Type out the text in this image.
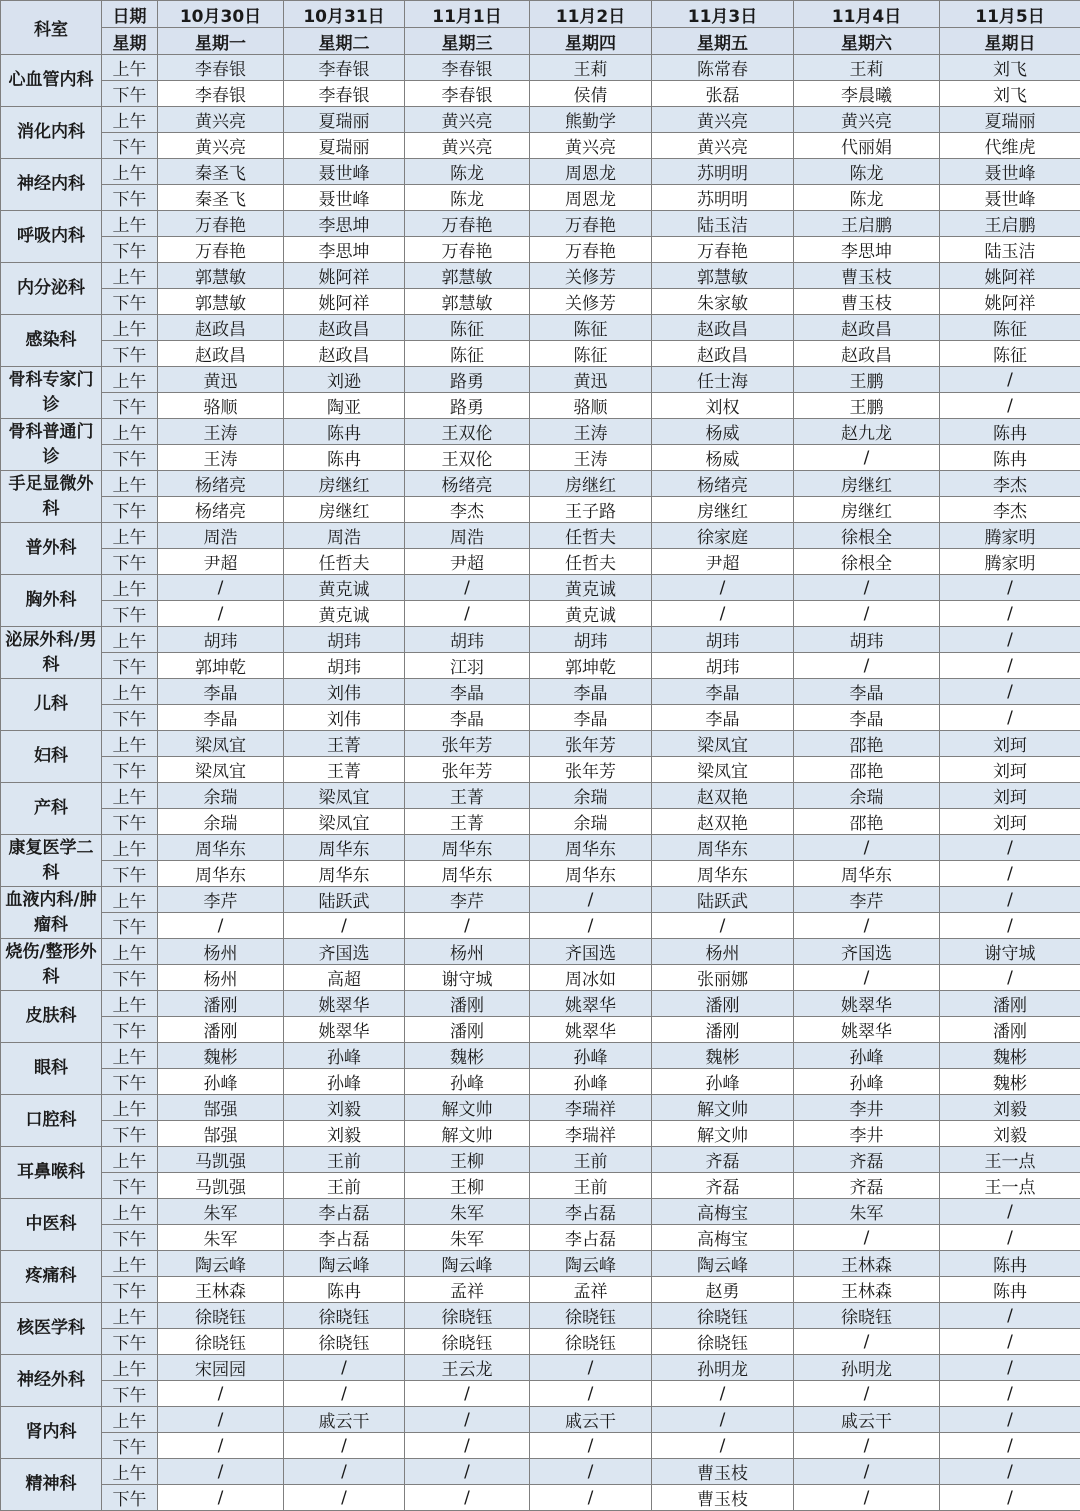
科室	日期	10月30日	10月31日	11月1日	11月2日	11月3日	11月4日	11月5日
	星期	星期一	星期二	星期三	星期四	星期五	星期六	星期日
心血管内科	上午	李春银	李春银	李春银	王莉	陈常春	王莉	刘飞
	下午	李春银	李春银	李春银	侯倩	张磊	李晨曦	刘飞
消化内科	上午	黄兴亮	夏瑞丽	黄兴亮	熊勤学	黄兴亮	黄兴亮	夏瑞丽
	下午	黄兴亮	夏瑞丽	黄兴亮	黄兴亮	黄兴亮	代丽娟	代维虎
神经内科	上午	秦圣飞	聂世峰	陈龙	周恩龙	苏明明	陈龙	聂世峰
	下午	秦圣飞	聂世峰	陈龙	周恩龙	苏明明	陈龙	聂世峰
呼吸内科	上午	万春艳	李思坤	万春艳	万春艳	陆玉洁	王启鹏	王启鹏
	下午	万春艳	李思坤	万春艳	万春艳	万春艳	李思坤	陆玉洁
内分泌科	上午	郭慧敏	姚阿祥	郭慧敏	关修芳	郭慧敏	曹玉枝	姚阿祥
	下午	郭慧敏	姚阿祥	郭慧敏	关修芳	朱家敏	曹玉枝	姚阿祥
感染科	上午	赵政昌	赵政昌	陈征	陈征	赵政昌	赵政昌	陈征
	下午	赵政昌	赵政昌	陈征	陈征	赵政昌	赵政昌	陈征
骨科专家门诊	上午	黄迅	刘逊	路勇	黄迅	任士海	王鹏	/
	下午	骆顺	陶亚	路勇	骆顺	刘权	王鹏	/
骨科普通门诊	上午	王涛	陈冉	王双伦	王涛	杨威	赵九龙	陈冉
	下午	王涛	陈冉	王双伦	王涛	杨威	/	陈冉
手足显微外科	上午	杨绪亮	房继红	杨绪亮	房继红	杨绪亮	房继红	李杰
	下午	杨绪亮	房继红	李杰	王子路	房继红	房继红	李杰
普外科	上午	周浩	周浩	周浩	任哲夫	徐家庭	徐根全	腾家明
	下午	尹超	任哲夫	尹超	任哲夫	尹超	徐根全	腾家明
胸外科	上午	/	黄克诚	/	黄克诚	/	/	/
	下午	/	黄克诚	/	黄克诚	/	/	/
泌尿外科/男科	上午	胡玮	胡玮	胡玮	胡玮	胡玮	胡玮	/
	下午	郭坤乾	胡玮	江羽	郭坤乾	胡玮	/	/
儿科	上午	李晶	刘伟	李晶	李晶	李晶	李晶	/
	下午	李晶	刘伟	李晶	李晶	李晶	李晶	/
妇科	上午	梁凤宜	王菁	张年芳	张年芳	梁凤宜	邵艳	刘珂
	下午	梁凤宜	王菁	张年芳	张年芳	梁凤宜	邵艳	刘珂
产科	上午	余瑞	梁凤宜	王菁	余瑞	赵双艳	余瑞	刘珂
	下午	余瑞	梁凤宜	王菁	余瑞	赵双艳	邵艳	刘珂
康复医学二科	上午	周华东	周华东	周华东	周华东	周华东	/	/
	下午	周华东	周华东	周华东	周华东	周华东	周华东	/
血液内科/肿瘤科	上午	李芹	陆跃武	李芹	/	陆跃武	李芹	/
	下午	/	/	/	/	/	/	/
烧伤/整形外科	上午	杨州	齐国选	杨州	齐国选	杨州	齐国选	谢守城
	下午	杨州	高超	谢守城	周冰如	张丽娜	/	/
皮肤科	上午	潘刚	姚翠华	潘刚	姚翠华	潘刚	姚翠华	潘刚
	下午	潘刚	姚翠华	潘刚	姚翠华	潘刚	姚翠华	潘刚
眼科	上午	魏彬	孙峰	魏彬	孙峰	魏彬	孙峰	魏彬
	下午	孙峰	孙峰	孙峰	孙峰	孙峰	孙峰	魏彬
口腔科	上午	郜强	刘毅	解文帅	李瑞祥	解文帅	李井	刘毅
	下午	郜强	刘毅	解文帅	李瑞祥	解文帅	李井	刘毅
耳鼻喉科	上午	马凯强	王前	王柳	王前	齐磊	齐磊	王一点
	下午	马凯强	王前	王柳	王前	齐磊	齐磊	王一点
中医科	上午	朱军	李占磊	朱军	李占磊	高梅宝	朱军	/
	下午	朱军	李占磊	朱军	李占磊	高梅宝	/	/
疼痛科	上午	陶云峰	陶云峰	陶云峰	陶云峰	陶云峰	王林森	陈冉
	下午	王林森	陈冉	孟祥	孟祥	赵勇	王林森	陈冉
核医学科	上午	徐晓钰	徐晓钰	徐晓钰	徐晓钰	徐晓钰	徐晓钰	/
	下午	徐晓钰	徐晓钰	徐晓钰	徐晓钰	徐晓钰	/	/
神经外科	上午	宋园园	/	王云龙	/	孙明龙	孙明龙	/
	下午	/	/	/	/	/	/	/
肾内科	上午	/	戚云干	/	戚云干	/	戚云干	/
	下午	/	/	/	/	/	/	/
精神科	上午	/	/	/	/	曹玉枝	/	/
	下午	/	/	/	/	曹玉枝	/	/
